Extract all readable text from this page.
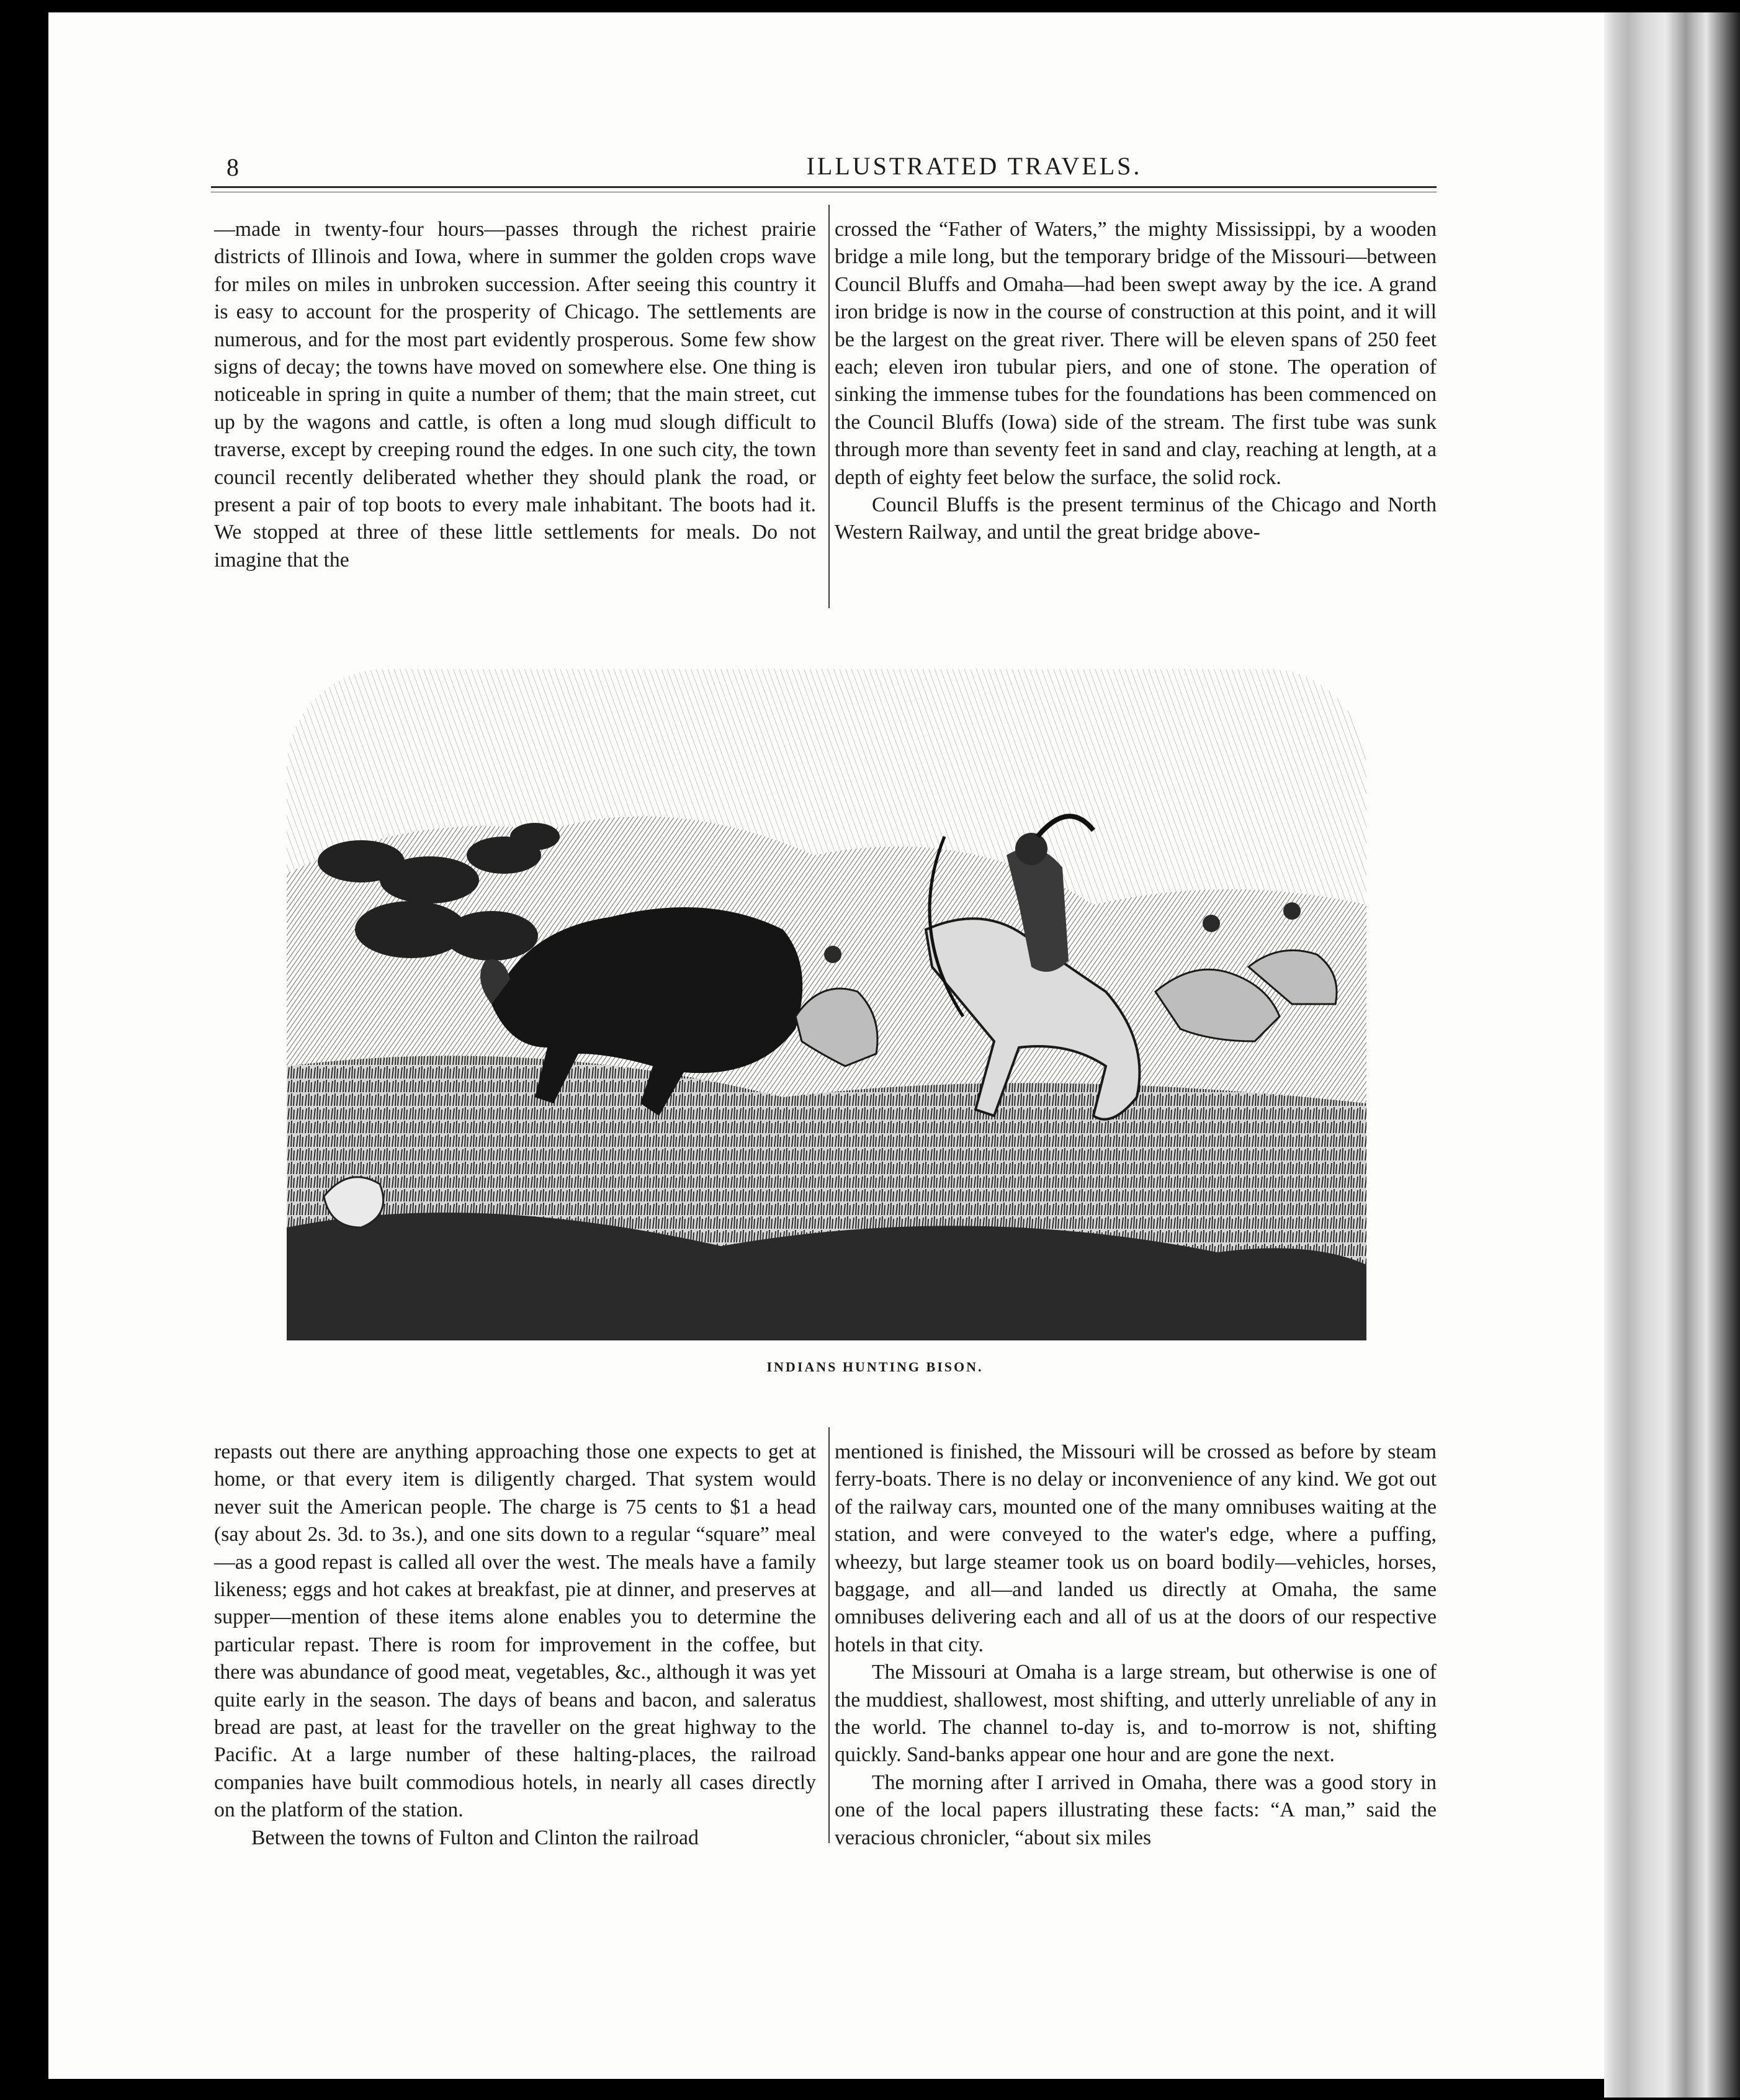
8	ILLUSTRATED TRAVELS.

—made in twenty-four hours—passes through the richest prairie districts of Illinois and Iowa, where in summer the golden crops wave for miles on miles in unbroken succession. After seeing this country it is easy to account for the prosperity of Chicago. The settlements are numerous, and for the most part evidently prosperous. Some few show signs of decay; the towns have moved on somewhere else. One thing is noticeable in spring in quite a number of them; that the main street, cut up by the wagons and cattle, is often a long mud slough difficult to traverse, except by creeping round the edges. In one such city, the town council recently deliberated whether they should plank the road, or present a pair of top boots to every male inhabitant. The boots had it. We stopped at three of these little settlements for meals. Do not imagine that the

crossed the “Father of Waters,” the mighty Mississippi, by a wooden bridge a mile long, but the temporary bridge of the Missouri—between Council Bluffs and Omaha—had been swept away by the ice. A grand iron bridge is now in the course of construction at this point, and it will be the largest on the great river. There will be eleven spans of 250 feet each; eleven iron tubular piers, and one of stone. The operation of sinking the immense tubes for the foundations has been commenced on the Council Bluffs (Iowa) side of the stream. The first tube was sunk through more than seventy feet in sand and clay, reaching at length, at a depth of eighty feet below the surface, the solid rock.

Council Bluffs is the present terminus of the Chicago and North Western Railway, and until the great bridge above-

INDIANS HUNTING BISON.

repasts out there are anything approaching those one expects to get at home, or that every item is diligently charged. That system would never suit the American people. The charge is 75 cents to $1 a head (say about 2s. 3d. to 3s.), and one sits down to a regular “square” meal—as a good repast is called all over the west. The meals have a family likeness; eggs and hot cakes at breakfast, pie at dinner, and preserves at supper—mention of these items alone enables you to determine the particular repast. There is room for improvement in the coffee, but there was abundance of good meat, vegetables, &c., although it was yet quite early in the season. The days of beans and bacon, and saleratus bread are past, at least for the traveller on the great highway to the Pacific. At a large number of these halting-places, the railroad companies have built commodious hotels, in nearly all cases directly on the platform of the station.

Between the towns of Fulton and Clinton the railroad

mentioned is finished, the Missouri will be crossed as before by steam ferry-boats. There is no delay or inconvenience of any kind. We got out of the railway cars, mounted one of the many omnibuses waiting at the station, and were conveyed to the water's edge, where a puffing, wheezy, but large steamer took us on board bodily—vehicles, horses, baggage, and all—and landed us directly at Omaha, the same omnibuses delivering each and all of us at the doors of our respective hotels in that city.

The Missouri at Omaha is a large stream, but otherwise is one of the muddiest, shallowest, most shifting, and utterly unreliable of any in the world. The channel to-day is, and to-morrow is not, shifting quickly. Sand-banks appear one hour and are gone the next.

The morning after I arrived in Omaha, there was a good story in one of the local papers illustrating these facts: “A man,” said the veracious chronicler, “about six miles
